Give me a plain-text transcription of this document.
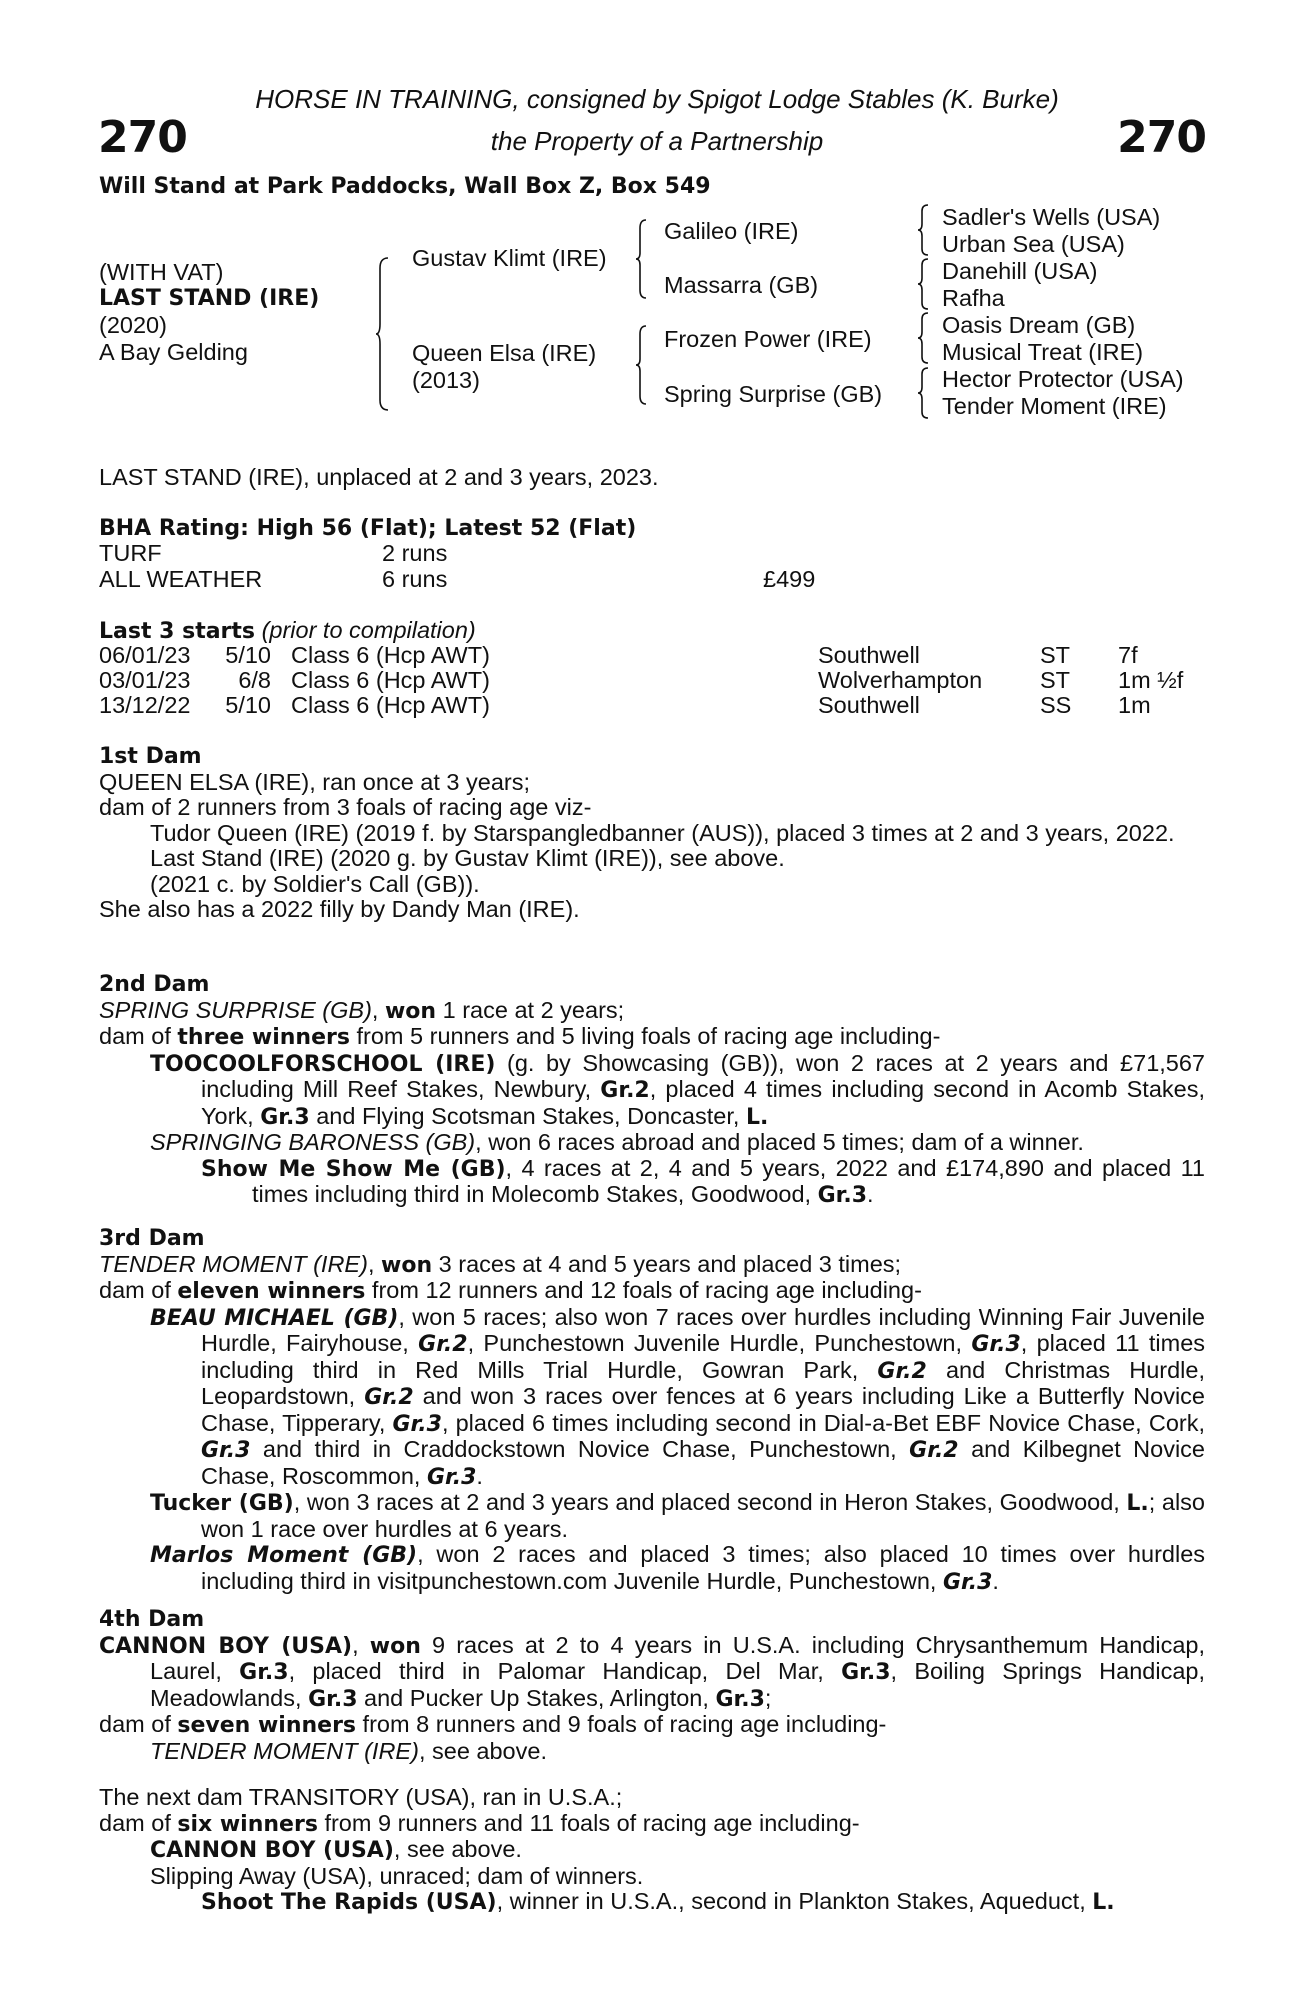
270	270
HORSE IN TRAINING, consigned by Spigot Lodge Stables (K. Burke)
the Property of a Partnership
Will Stand at Park Paddocks, Wall Box Z, Box 549
(WITH VAT)
LAST STAND (IRE)
(2020)
A Bay Gelding
Gustav Klimt (IRE)
Queen Elsa (IRE)
(2013)
Galileo (IRE)
Massarra (GB)
Frozen Power (IRE)
Spring Surprise (GB)
Sadler's Wells (USA)
Urban Sea (USA)
Danehill (USA)
Rafha
Oasis Dream (GB)
Musical Treat (IRE)
Hector Protector (USA)
Tender Moment (IRE)
LAST STAND (IRE), unplaced at 2 and 3 years, 2023.
BHA Rating: High 56 (Flat); Latest 52 (Flat)
TURF	2 runs
ALL WEATHER	6 runs	£499
Last 3 starts (prior to compilation)
06/01/23 5/10 Class 6 (Hcp AWT)	Southwell	ST 7f
03/01/23	6/8 Class 6 (Hcp AWT)	Wolverhampton ST 1m ½f
13/12/22 5/10 Class 6 (Hcp AWT)	Southwell	SS 1m

1st Dam

QUEEN ELSA (IRE), ran once at 3 years;

dam of 2 runners from 3 foals of racing age viz-

Tudor Queen (IRE) (2019 f. by Starspangledbanner (AUS)), placed 3 times at 2 and 3 years, 2022.

Last Stand (IRE) (2020 g. by Gustav Klimt (IRE)), see above.

(2021 c. by Soldier's Call (GB)).

She also has a 2022 filly by Dandy Man (IRE).

2nd Dam

SPRING SURPRISE (GB), won 1 race at 2 years;

dam of three winners from 5 runners and 5 living foals of racing age including-

TOOCOOLFORSCHOOL (IRE) (g. by Showcasing (GB)), won 2 races at 2 years and £71,567 including Mill Reef Stakes, Newbury, Gr.2, placed 4 times including second in Acomb Stakes, York, Gr.3 and Flying Scotsman Stakes, Doncaster, L.

SPRINGING BARONESS (GB), won 6 races abroad and placed 5 times; dam of a winner.

Show Me Show Me (GB), 4 races at 2, 4 and 5 years, 2022 and £174,890 and placed 11 times including third in Molecomb Stakes, Goodwood, Gr.3.

3rd Dam

TENDER MOMENT (IRE), won 3 races at 4 and 5 years and placed 3 times;

dam of eleven winners from 12 runners and 12 foals of racing age including-

BEAU MICHAEL (GB), won 5 races; also won 7 races over hurdles including Winning Fair Juvenile Hurdle, Fairyhouse, Gr.2, Punchestown Juvenile Hurdle, Punchestown, Gr.3, placed 11 times including third in Red Mills Trial Hurdle, Gowran Park, Gr.2 and Christmas Hurdle, Leopardstown, Gr.2 and won 3 races over fences at 6 years including Like a Butterfly Novice Chase, Tipperary, Gr.3, placed 6 times including second in Dial-a-Bet EBF Novice Chase, Cork, Gr.3 and third in Craddockstown Novice Chase, Punchestown, Gr.2 and Kilbegnet Novice Chase, Roscommon, Gr.3.

Tucker (GB), won 3 races at 2 and 3 years and placed second in Heron Stakes, Goodwood, L.; also won 1 race over hurdles at 6 years.

Marlos Moment (GB), won 2 races and placed 3 times; also placed 10 times over hurdles including third in visitpunchestown.com Juvenile Hurdle, Punchestown, Gr.3.

4th Dam

CANNON BOY (USA), won 9 races at 2 to 4 years in U.S.A. including Chrysanthemum Handicap, Laurel, Gr.3, placed third in Palomar Handicap, Del Mar, Gr.3, Boiling Springs Handicap, Meadowlands, Gr.3 and Pucker Up Stakes, Arlington, Gr.3;

dam of seven winners from 8 runners and 9 foals of racing age including-

TENDER MOMENT (IRE), see above.

The next dam TRANSITORY (USA), ran in U.S.A.;

dam of six winners from 9 runners and 11 foals of racing age including-

CANNON BOY (USA), see above.

Slipping Away (USA), unraced; dam of winners.

Shoot The Rapids (USA), winner in U.S.A., second in Plankton Stakes, Aqueduct, L.
